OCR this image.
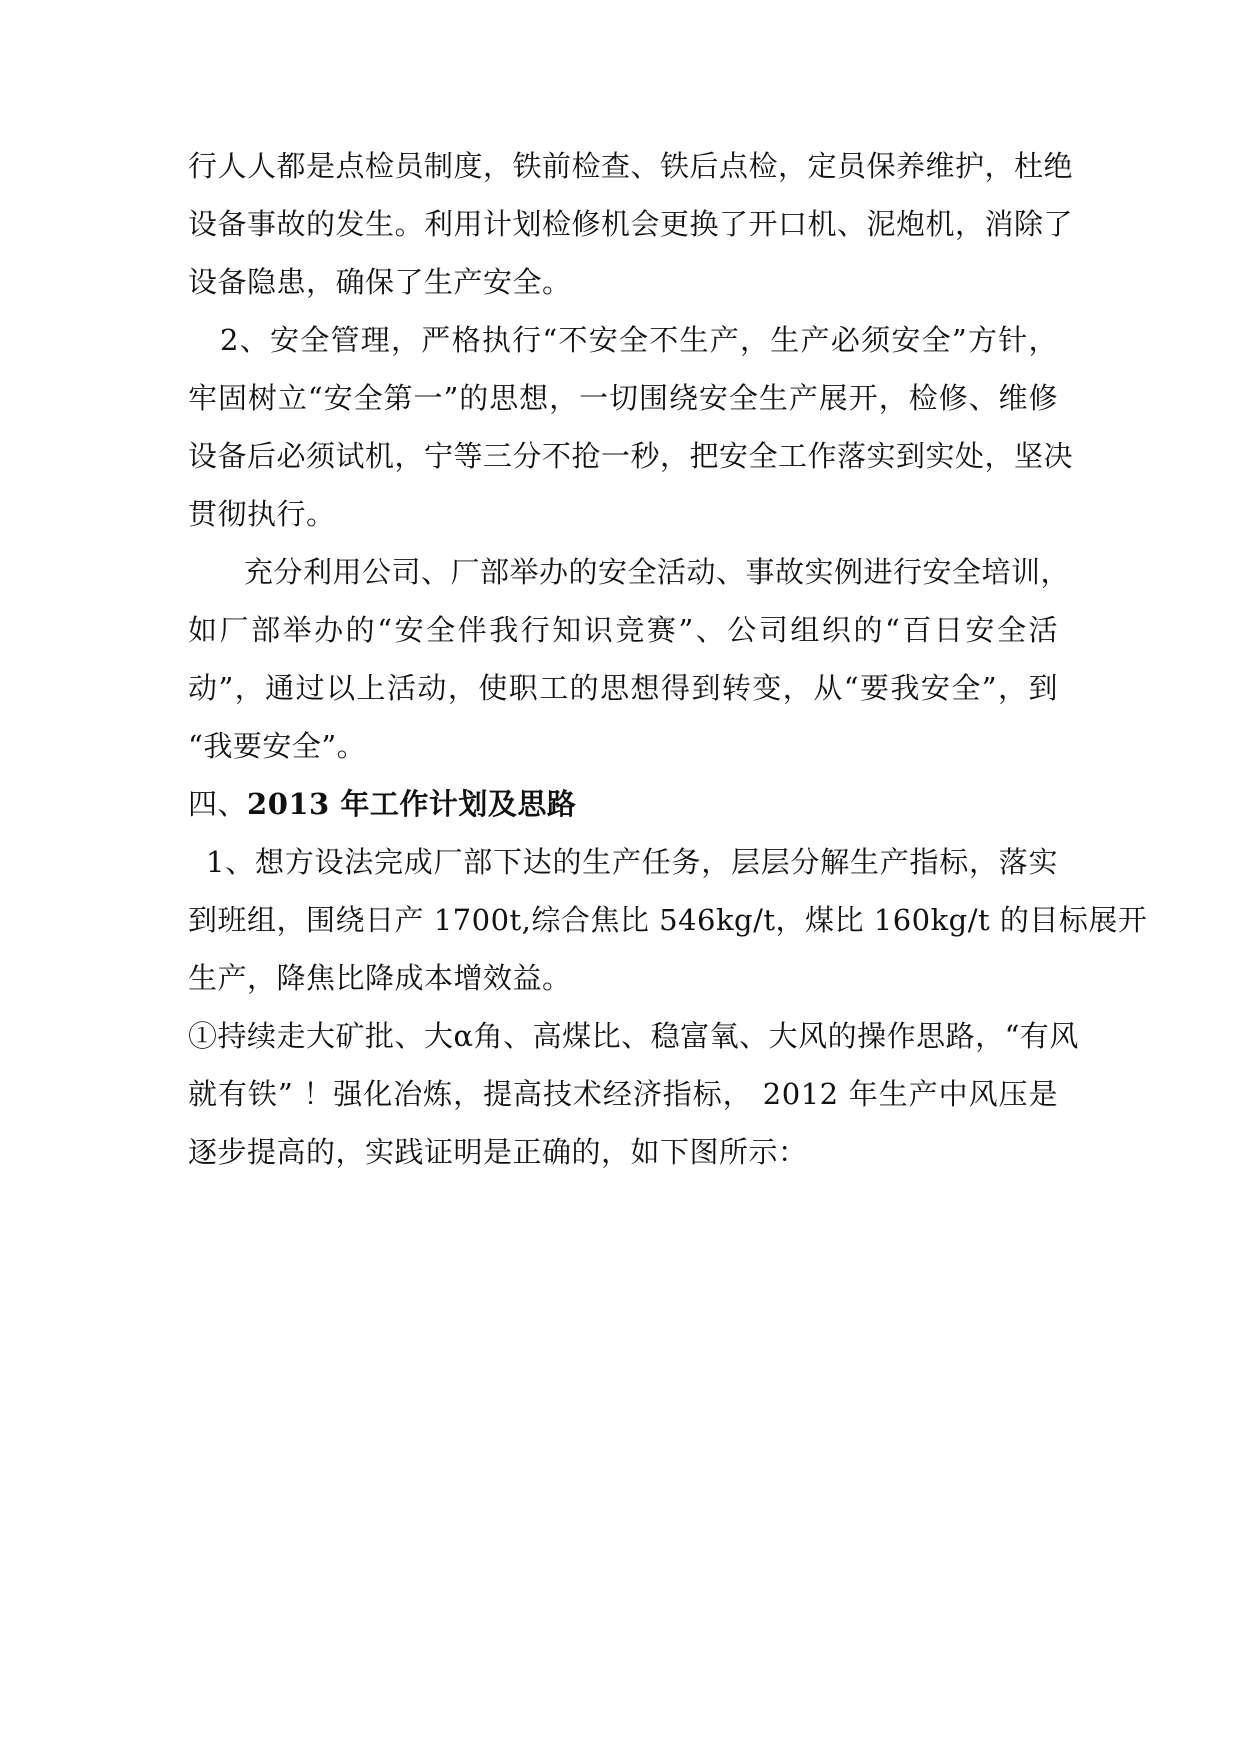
行人人都是点检员制度，铁前检查、铁后点检，定员保养维护，杜绝
设备事故的发生。利用计划检修机会更换了开口机、泥炮机，消除了
设备隐患，确保了生产安全。
2、安全管理，严格执行“不安全不生产，生产必须安全”方针，
牢固树立“安全第一”的思想，一切围绕安全生产展开，检修、维修
设备后必须试机，宁等三分不抢一秒，把安全工作落实到实处，坚决
贯彻执行。
充分利用公司、厂部举办的安全活动、事故实例进行安全培训，
如厂部举办的“安全伴我行知识竞赛”、公司组织的“百日安全活
动”，通过以上活动，使职工的思想得到转变，从“要我安全”，到
“我要安全”。
四、2013 年工作计划及思路
1、想方设法完成厂部下达的生产任务，层层分解生产指标，落实
到班组，围绕日产 1700t,综合焦比 546kg/t，煤比 160kg/t 的目标展开
生产，降焦比降成本增效益。
①持续走大矿批、大α角、高煤比、稳富氧、大风的操作思路，“有风
就有铁” ！强化冶炼，提高技术经济指标， 2012 年生产中风压是
逐步提高的，实践证明是正确的，如下图所示：
